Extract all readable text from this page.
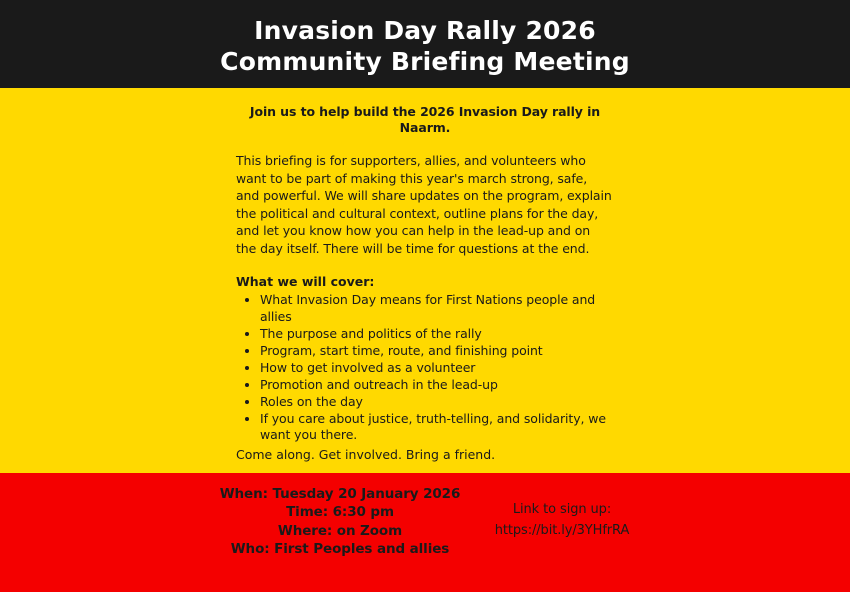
Invasion Day Rally 2026
Community Briefing Meeting

Join us to help build the 2026 Invasion Day rally in Naarm.

This briefing is for supporters, allies, and volunteers who want to be part of making this year's march strong, safe, and powerful. We will share updates on the program, explain the political and cultural context, outline plans for the day, and let you know how you can help in the lead-up and on the day itself. There will be time for questions at the end.

What we will cover:

• What Invasion Day means for First Nations people and allies
• The purpose and politics of the rally
• Program, start time, route, and finishing point
• How to get involved as a volunteer
• Promotion and outreach in the lead-up
• Roles on the day
• If you care about justice, truth-telling, and solidarity, we want you there.

Come along. Get involved. Bring a friend.

When: Tuesday 20 January 2026
Time: 6:30 pm
Where: on Zoom
Who: First Peoples and allies
Link to sign up:
https://bit.ly/3YHfrRA
